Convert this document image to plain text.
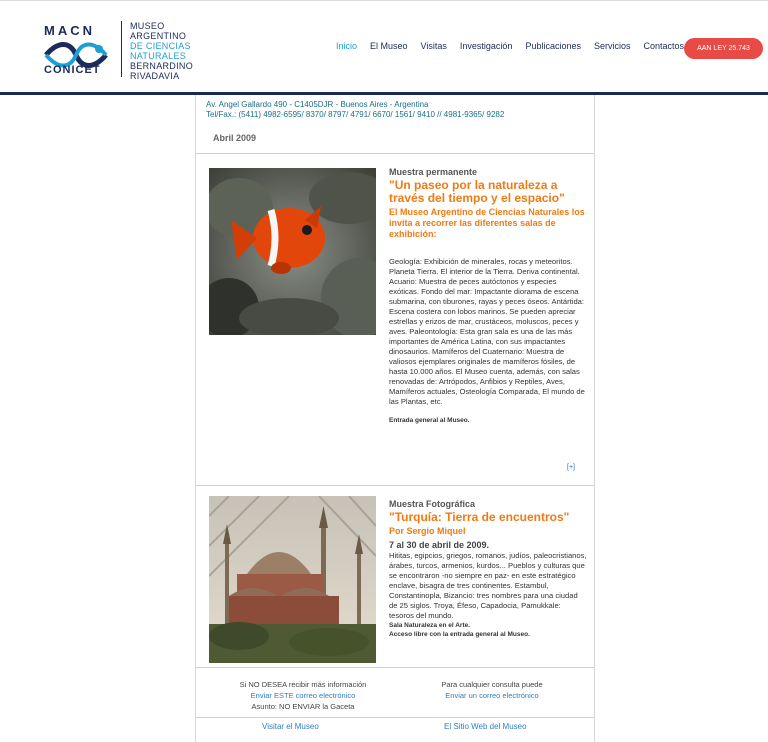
MACN
CONICET
MUSEO
ARGENTINO
DE CIENCIAS
NATURALES
BERNARDINO
RIVADAVIA
Inicio El Museo Visitas Investigación Publicaciones Servicios Contactos	AAN LEY 25.743
Av. Angel Gallardo 490 - C1405DJR - Buenos Aires - Argentina
Tel/Fax.: (5411) 4982-6595/ 8370/ 8797/ 4791/ 6670/ 1561/ 9410 // 4981-9365/ 9282
Abril 2009
Muestra permanente
"Un paseo por la naturaleza a través del tiempo y el espacio"
El Museo Argentino de Ciencias Naturales los invita a recorrer las diferentes salas de exhibición:
Geología: Exhibición de minerales, rocas y meteoritos. Planeta Tierra. El interior de la Tierra. Deriva continental. Acuario: Muestra de peces autóctonos y especies exóticas. Fondo del mar: Impactante diorama de escena submarina, con tiburones, rayas y peces óseos. Antártida: Escena costera con lobos marinos. Se pueden apreciar estrellas y erizos de mar, crustáceos, moluscos, peces y aves. Paleontología: Esta gran sala es una de las más importantes de América Latina, con sus impactantes dinosaurios. Mamíferos del Cuaternario: Muestra de valiosos ejemplares originales de mamíferos fósiles, de hasta 10.000 años. El Museo cuenta, además, con salas renovadas de: Artrópodos, Anfibios y Reptiles, Aves, Mamíferos actuales, Osteología Comparada, El mundo de las Plantas, etc.
Entrada general al Museo.
[+]
Muestra Fotográfica
"Turquía: Tierra de encuentros"
Por Sergio Miquel
7 al 30 de abril de 2009.
Hititas, egipcios, griegos, romanos, judíos, paleocristianos, árabes, turcos, armenios, kurdos... Pueblos y culturas que se encontraron -no siempre en paz- en este estratégico enclave, bisagra de tres continentes. Estambul, Constantinopla, Bizancio: tres nombres para una ciudad de 25 siglos. Troya, Éfeso, Capadocia, Pamukkale: tesoros del mundo.
Sala Naturaleza en el Arte.
Acceso libre con la entrada general al Museo.
Si NO DESEA recibir más información
Enviar ESTE correo electrónico
Asunto: NO ENVIAR la Gaceta
Para cualquier consulta puede
Enviar un correo electrónico
Visitar el Museo	El Sitio Web del Museo
